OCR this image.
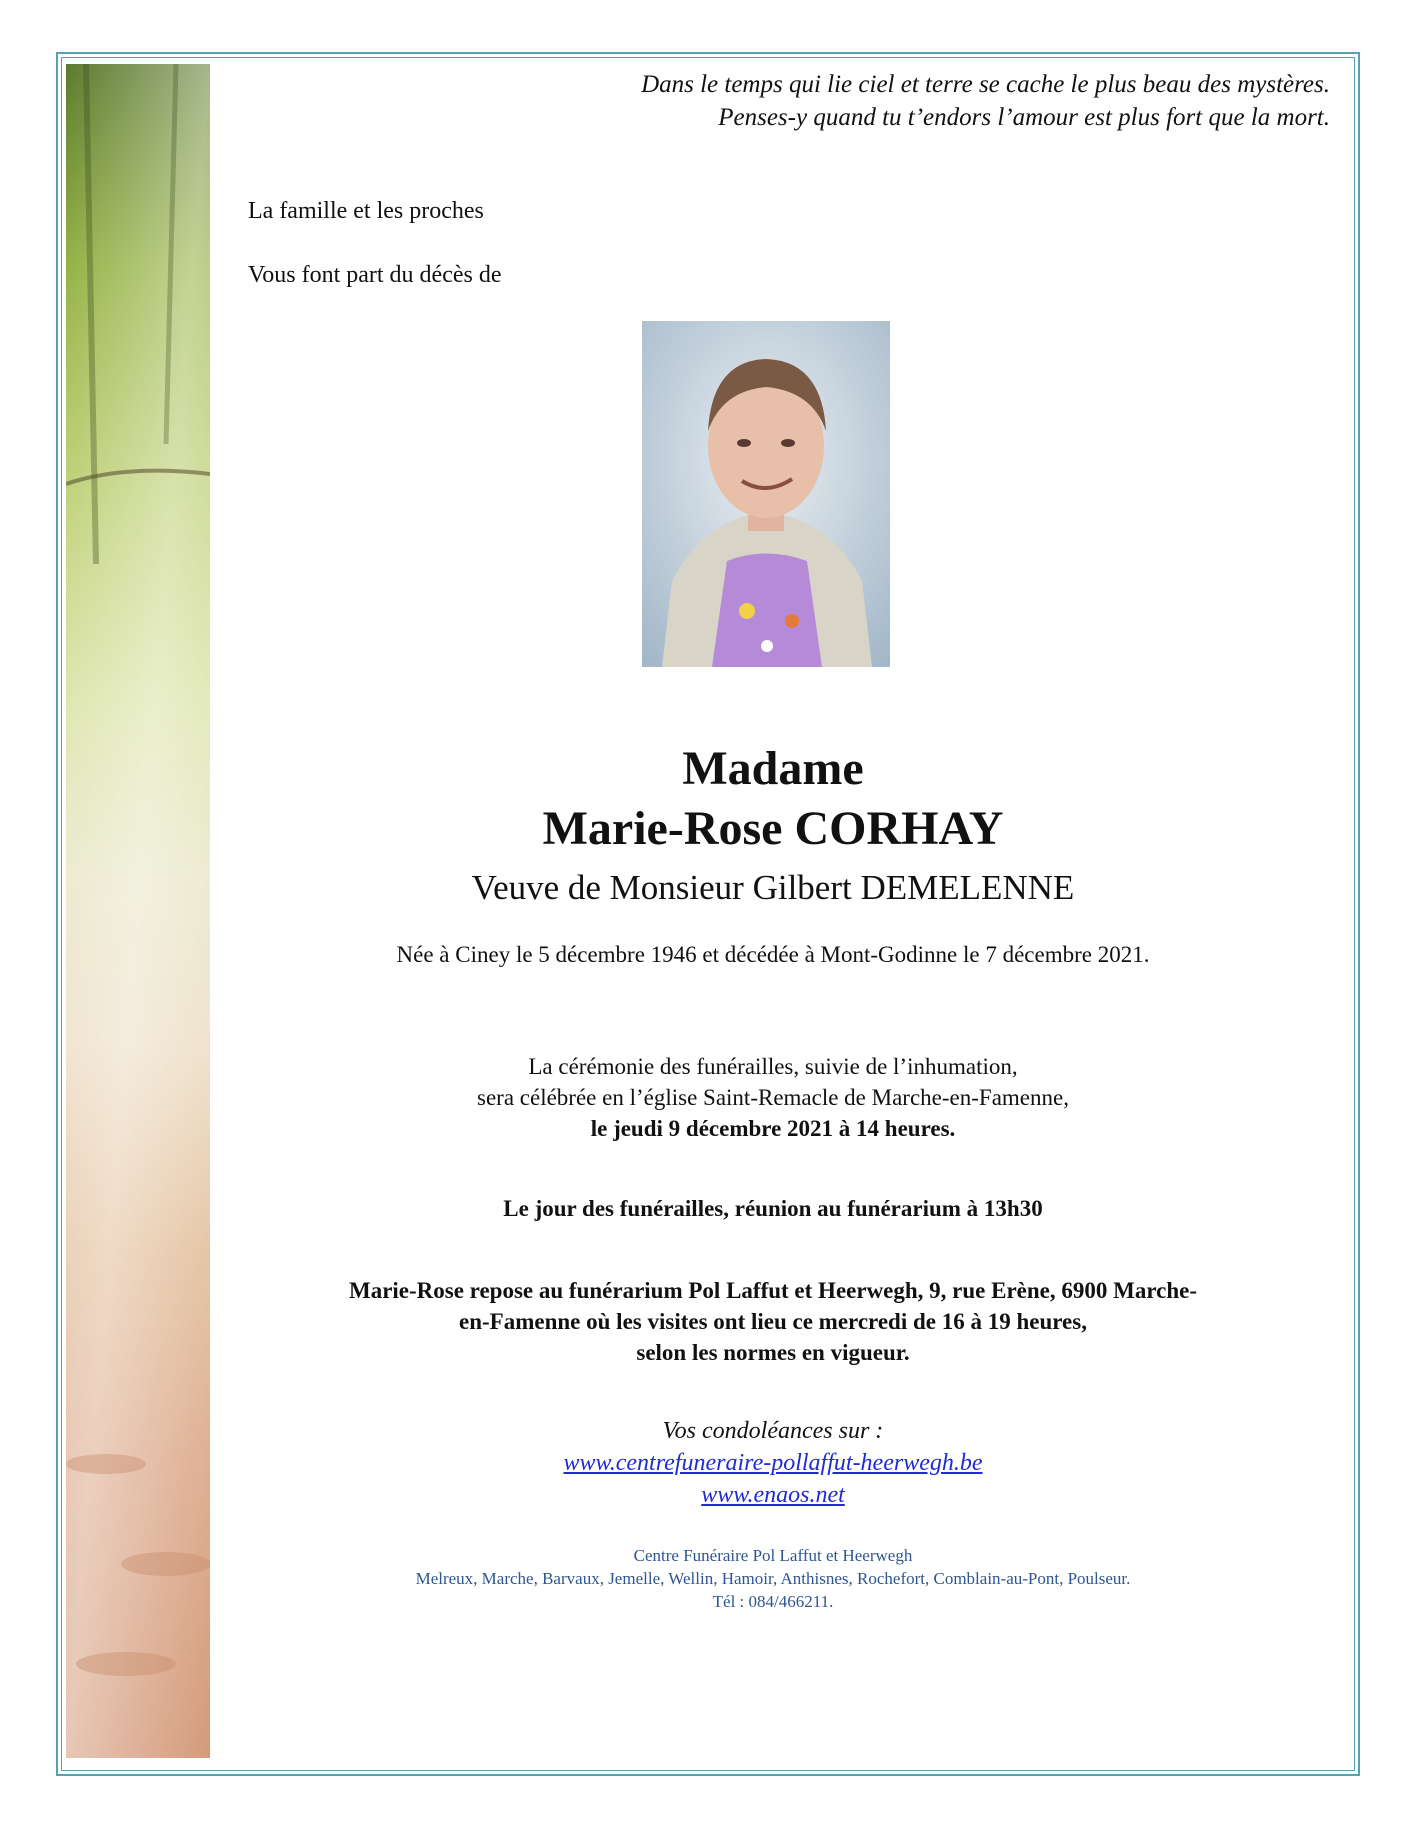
Dans le temps qui lie ciel et terre se cache le plus beau des mystères.
Penses-y quand tu t’endors l’amour est plus fort que la mort.
La famille et les proches
Vous font part du décès de
Madame
Marie-Rose CORHAY
Veuve de Monsieur Gilbert DEMELENNE
Née à Ciney le 5 décembre 1946 et décédée à Mont-Godinne le 7 décembre 2021.
La cérémonie des funérailles, suivie de l’inhumation,
sera célébrée en l’église Saint-Remacle de Marche-en-Famenne,
le jeudi 9 décembre 2021 à 14 heures.
Le jour des funérailles, réunion au funérarium à 13h30
Marie-Rose repose au funérarium Pol Laffut et Heerwegh, 9, rue Erène, 6900 Marche-
en-Famenne où les visites ont lieu ce mercredi de 16 à 19 heures,
selon les normes en vigueur.
Vos condoléances sur :
www.centrefuneraire-pollaffut-heerwegh.be
www.enaos.net
Centre Funéraire Pol Laffut et Heerwegh
Melreux, Marche, Barvaux, Jemelle, Wellin, Hamoir, Anthisnes, Rochefort, Comblain-au-Pont, Poulseur.
Tél : 084/466211.
